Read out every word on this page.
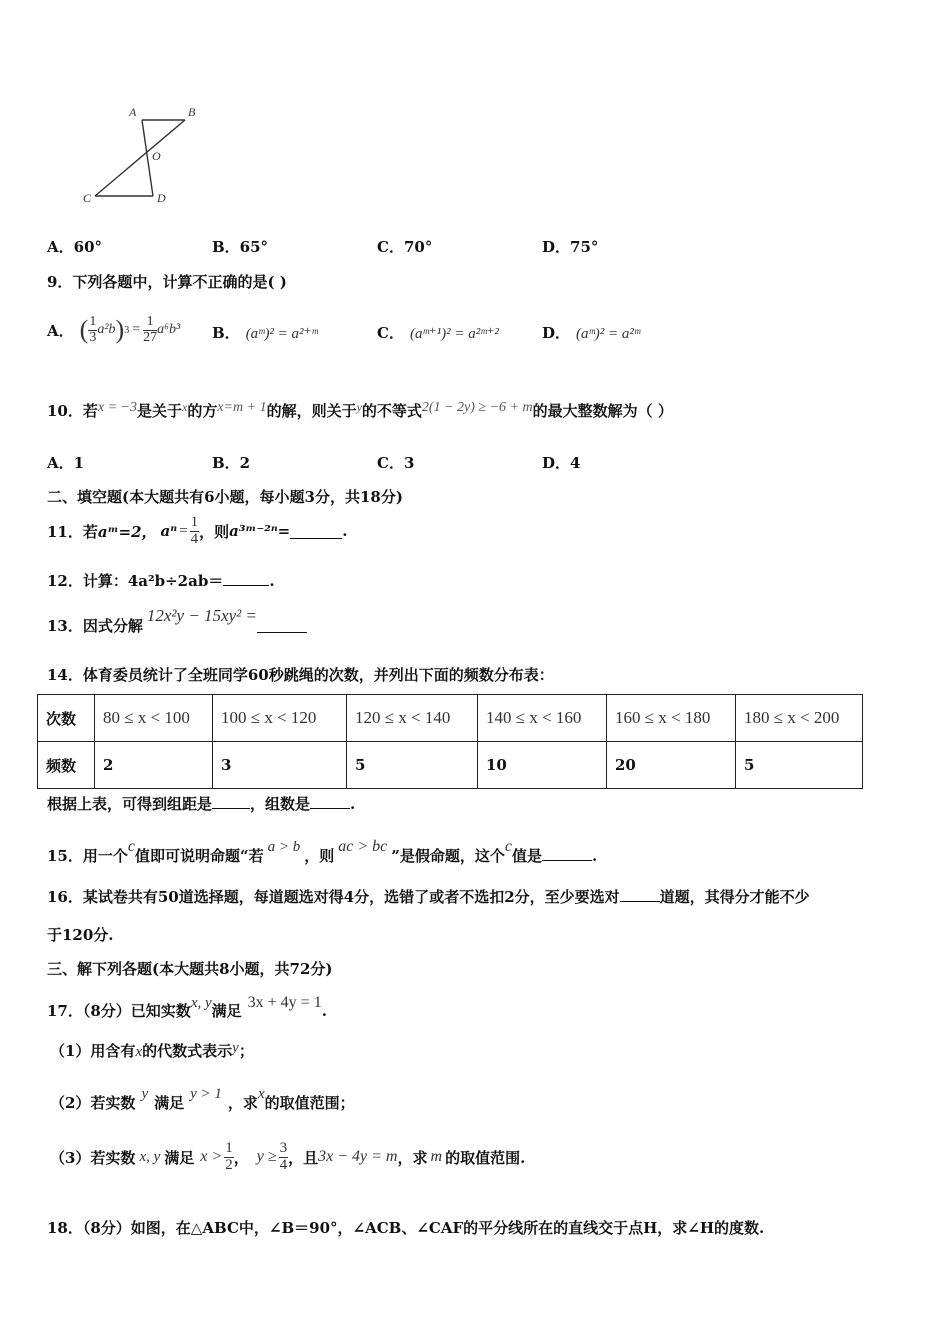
A	B
O
C	D
A．60°	B．65°	C．70°	D．75°
9．下列各题中，计算不正确的是( )
A． ( $\frac{1}{3} a^2b$ ) $3 = \frac{1}{27} a^6b^3$ B． (aᵐ)² = a²⁺ᵐ	C． (aᵐ⁺¹)² = a²ᵐ⁺²	D． (aᵐ)² = a²ᵐ
10．若x = −3是关于$^x$的方x=m + 1的解，则关于$^y$的不等式2(1 − 2y) ≥ −6 + m的最大整数解为（ ）
A．1	B．2	C．3	D．4
二、填空题(本大题共有6小题，每小题3分，共18分)
11．若 aᵐ=2， $a^n = \frac{1}{4}$ ，则 a³ᵐ⁻²ⁿ=	.
12．计算：4a²b÷2ab＝	.
13．因式分解12x²y − 15xy² =
14．体育委员统计了全班同学60秒跳绳的次数，并列出下面的频数分布表：
次数	80 ≤ x < 100	100 ≤ x < 120	120 ≤ x < 140	140 ≤ x < 160	160 ≤ x < 180	180 ≤ x < 200
频数	2	3	5	10	20	5
根据上表，可得到组距是	，组数是	.
15．用一个c值即可说明命题“若 a > b ，则ac > bc”是假命题，这个c值是	.
16．某试卷共有50道选择题，每道题选对得4分，选错了或者不选扣2分，至少要选对	道题，其得分才能不少
于120分.
三、解下列各题(本大题共8小题，共72分)
17．（8分）已知实数x, y满足 3x + 4y = 1.
（1）用含有x的代数式表示y；
（2）若实数 y 满足 y > 1 ，求x的取值范围；
（3）若实数 x, y 满足 $x > \frac{1}{2}$ ， $y \ge \frac{3}{4}$ ，且 3x − 4y = m ，求 m 的取值范围.
18．（8分）如图，在△ABC中，∠B＝90°，∠ACB、∠CAF的平分线所在的直线交于点H，求∠H的度数.
